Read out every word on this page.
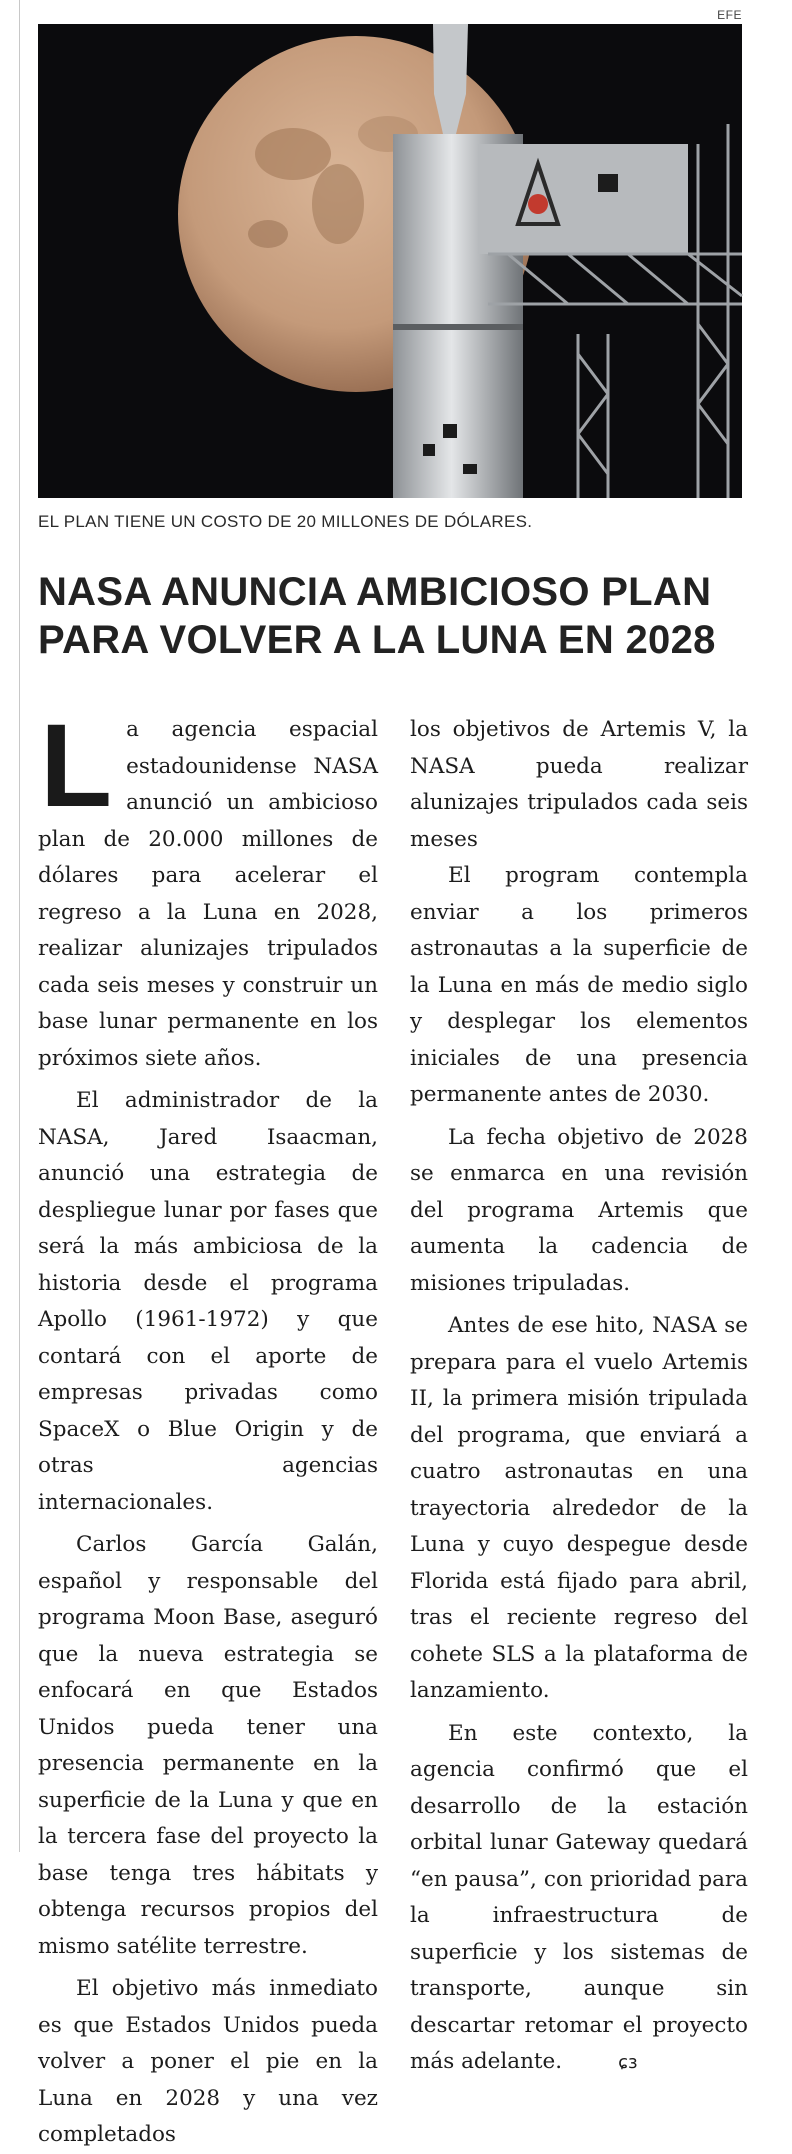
EFE
EL PLAN TIENE UN COSTO DE 20 MILLONES DE DÓLARES.
NASA ANUNCIA AMBICIOSO PLAN
PARA VOLVER A LA LUNA EN 2028

La agencia espacial estadounidense NASA anunció un ambicioso plan de 20.000 millones de dólares para acelerar el regreso a la Luna en 2028, realizar alunizajes tripulados cada seis meses y construir un base lunar permanente en los próximos siete años.

El administrador de la NASA, Jared Isaacman, anunció una estrategia de despliegue lunar por fases que será la más ambiciosa de la historia desde el programa Apollo (1961-1972) y que contará con el aporte de empresas privadas como SpaceX o Blue Origin y de otras agencias internacionales.

Carlos García Galán, español y responsable del programa Moon Base, aseguró que la nueva estrategia se enfocará en que Estados Unidos pueda tener una presencia permanente en la superficie de la Luna y que en la tercera fase del proyecto la base tenga tres hábitats y obtenga recursos propios del mismo satélite terrestre.

El objetivo más inmediato es que Estados Unidos pueda volver a poner el pie en la Luna en 2028 y una vez completados

los objetivos de Artemis V, la NASA pueda realizar alunizajes tripulados cada seis meses

El program contempla enviar a los primeros astronautas a la superficie de la Luna en más de medio siglo y desplegar los elementos iniciales de una presencia permanente antes de 2030.

La fecha objetivo de 2028 se enmarca en una revisión del programa Artemis que aumenta la cadencia de misiones tripuladas.

Antes de ese hito, NASA se prepara para el vuelo Artemis II, la primera misión tripulada del programa, que enviará a cuatro astronautas en una trayectoria alrededor de la Luna y cuyo despegue desde Florida está fijado para abril, tras el reciente regreso del cohete SLS a la plataforma de lanzamiento.

En este contexto, la agencia confirmó que el desarrollo de la estación orbital lunar Gateway quedará “en pausa”, con prioridad para la infraestructura de superficie y los sistemas de transporte, aunque sin descartar retomar el proyecto más adelante.	ɕɜ
